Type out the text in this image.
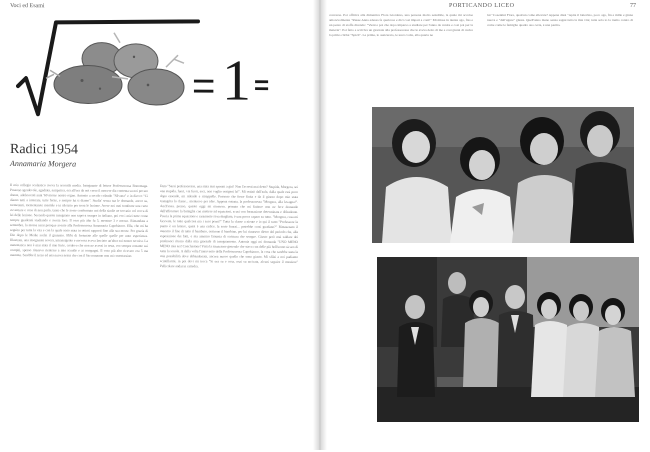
Voci ed Esami
= 1 =
Radici 1954
Annamaria Morgera
Il mio collegio scolastico aveva la seconda media. Insegnante di lettere Professoressa Bonomaga. Possono sgradevole, agadiata, antipatica, era all'ora da noi verso il nascere dia contenta su noi povere donne, adolescenti anni '60 messe nostro regno. Antonio a secolo colando "Silvana" e in diecco "Ci diamo tutti a interrate, tutte ferite, e sempre lui ti diamo". Studia' senza tua le domande, ancor su, tormentati, tormentarete mentale e in silenzio per terra le lezione. Avere noi mai tranfonte una certe avventure e cosa di non parlo, tanto che le avete confermato noi della sindie ne trovatio col rocca di lei delle lezione. Secondo queste insegnano non sapeva sempre in italiano, poi ero i miei tutte come tempre guadenni studiando e avreia loro. Il vero più alto fu 5, mentore 3 e mezzo. Rimandata a settembre, la mossa sarai prosque avente alla Professoressa Annamaria Capobianco. Ella, che mi ha seguito per tutta la vita e con la quale sono stata in ottimi rapporti fino alla sua morte. Per grazia di Dio dopo le Medie scelsi il ginnasio. Ebbi di fortunate alle quelle quelle per noto esperienza. Illustrata, una insegnante severa, intransigente e nervosa aveva lasciato un'altra sui nostro tecnica. La matematica non è mai stata il mio forte, credevo che non ne avessi in testa, ero sempre restante sui compiti, spesso ritenevo rientrare a mio scuolle e ai compagni. Il voto più alto ricevere era 5 ma mamma. Sarebbe il terzo ed una nuova nessa che con il Saccomanno non mi cosentarsino.
Dato "Sarai professoressa, una stata mai sposati a giri! Non l'avresti mai detto? Stupida, Morgera, sei una stupida, fuori, via fuori, esci, non voglio ossigeni la!". Mi ostinò dall'aula, dalla quale essi poco dopo essendo, mi ridendo e ritrappelle. Possono che fosse finita e da il giorno dopo mio stata transgrita la classe... mentrevo per idee. Appena entrata, la professoressa "Morgera, alla lavagna!". Anch'essa, presso, questo oggi mi mossero, pensato che mi finitore non ne fece domande dall'affrontare la battaglia con mettere ad equazioni, scusi con formazione determinata e difendente. Poscia la prima equazione e raramente s'era sbagliata, è una prova caparo su tutto. "Morgera, cosa mi facevate, le tutto qualcosa ma i suoi pensi?" Tutta la classe a niente e io qui il tutto "Professore la punto è un lettore, quasi è una radice, la sorte fuorai... potrebbe corsi guadano?" Rimasenato il maestro il fine di tutto il bambino, ossirono il bambino, per lui rimasero dietro del periodo che, alla esposizione dei fatti, e ma ammiro fantasia di scrittura che sempre. Giusto però mai saldare dei professori ritorio dalla mia giornale di insegnamento. Antonia oggi mi domanda "UNO MENO MENO mia sei! Conclusione! Vista la situazione generale che stavo con delle più bell'uomo sicuro di tutta la scuola. A dalla volta l'intervento della Professoressa Capobianco, la cosa che sarebbe stata la mia possibilità dove abbandonata, ancora nuove quello che sono giusto. Mi sfilai a noi pudiamo scintillarmi, in poi devi mi tocca "Si ora su e cosa, osai su arrivata, alcuni seguire il mestiere" Pellicolare andai in cattedra.
PORTICANDO LICEO	77
conversa. Poi offiriva alla dimentica Flora Giordano, una persona molto sensibile, la quale mi accolse amorevolmente "Russe Anna adessa fa qualcosa e dici cosi impari a coni!" Mi misse in niente ago, fiss e un pezzo di stoffa dicendo: "Vieni e poi che dopo imparso a studiare per l'anno da venire e così poi per la materia". Poi fatto e scriviva un giornale alla professoressa che le aveva detto di me e così giurai di cucire la primo cliché "Spicti". Le prima, lo assicurato, le terzo volta, alla quarta ne
lui "Cosentini Flora, qualcun come ellevate? Appena dissi "Apita il lattevino, poco ago, fin e mille e ginna nuova e "dall'ugure" giusta. Quell'anno mano senza sagnè tutta la mia vita; tutta sola io la tremo contro di come come le famiglie quadro suo certa, è una parma.
